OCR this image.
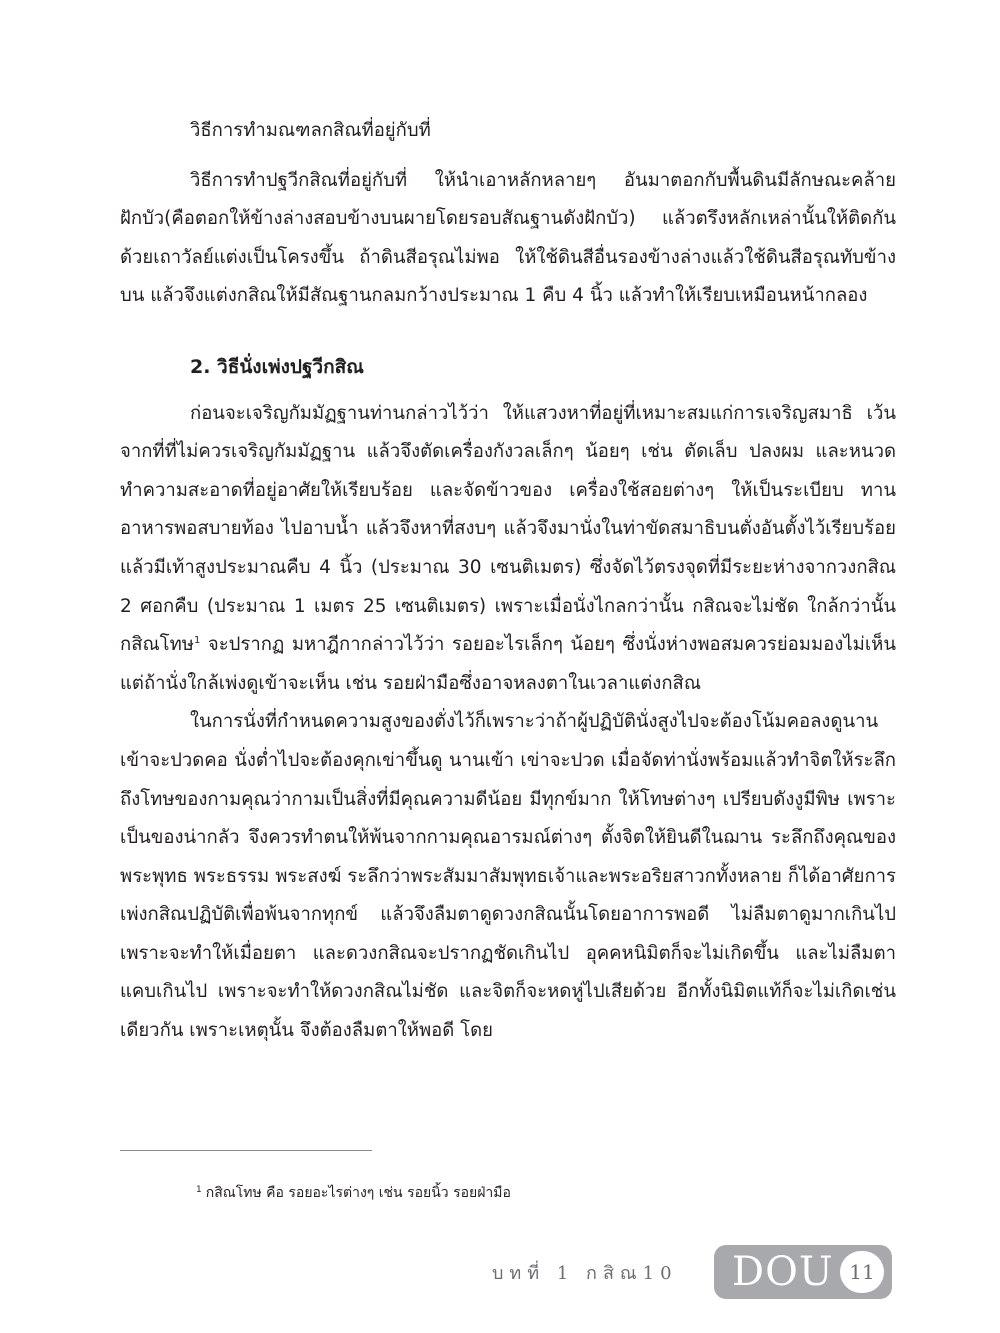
วิธีการทำมณฑลกสิณที่อยู่กับที่

วิธีการทำปฐวีกสิณที่อยู่กับที่ ให้นำเอาหลักหลายๆ อันมาตอกกับพื้นดินมีลักษณะคล้ายฝักบัว(คือตอกให้ข้างล่างสอบข้างบนผายโดยรอบสัณฐานดังฝักบัว) แล้วตรึงหลักเหล่านั้นให้ติดกันด้วยเถาวัลย์แต่งเป็นโครงขึ้น ถ้าดินสีอรุณไม่พอ ให้ใช้ดินสีอื่นรองข้างล่างแล้วใช้ดินสีอรุณทับข้างบน แล้วจึงแต่งกสิณให้มีสัณฐานกลมกว้างประมาณ 1 คืบ 4 นิ้ว แล้วทำให้เรียบเหมือนหน้ากลอง

2. วิธีนั่งเพ่งปฐวีกสิณ

ก่อนจะเจริญกัมมัฏฐานท่านกล่าวไว้ว่า ให้แสวงหาที่อยู่ที่เหมาะสมแก่การเจริญสมาธิ เว้นจากที่ที่ไม่ควรเจริญกัมมัฏฐาน แล้วจึงตัดเครื่องกังวลเล็กๆ น้อยๆ เช่น ตัดเล็บ ปลงผม และหนวด ทำความสะอาดที่อยู่อาศัยให้เรียบร้อย และจัดข้าวของ เครื่องใช้สอยต่างๆ ให้เป็นระเบียบ ทานอาหารพอสบายท้อง ไปอาบน้ำ แล้วจึงหาที่สงบๆ แล้วจึงมานั่งในท่าขัดสมาธิบนตั่งอันตั้งไว้เรียบร้อยแล้วมีเท้าสูงประมาณคืบ 4 นิ้ว (ประมาณ 30 เซนติเมตร) ซึ่งจัดไว้ตรงจุดที่มีระยะห่างจากวงกสิณ 2 ศอกคืบ (ประมาณ 1 เมตร 25 เซนติเมตร) เพราะเมื่อนั่งไกลกว่านั้น กสิณจะไม่ชัด ใกล้กว่านั้น กสิณโทษ$^1$ จะปรากฏ มหาฎีกากล่าวไว้ว่า รอยอะไรเล็กๆ น้อยๆ ซึ่งนั่งห่างพอสมควรย่อมมองไม่เห็น แต่ถ้านั่งใกล้เพ่งดูเข้าจะเห็น เช่น รอยฝ่ามือซึ่งอาจหลงตาในเวลาแต่งกสิณ

ในการนั่งที่กำหนดความสูงของตั่งไว้ก็เพราะว่าถ้าผู้ปฏิบัตินั่งสูงไปจะต้องโน้มคอลงดูนานเข้าจะปวดคอ นั่งต่ำไปจะต้องคุกเข่าขึ้นดู นานเข้า เข่าจะปวด เมื่อจัดท่านั่งพร้อมแล้วทำจิตให้ระลึกถึงโทษของกามคุณว่ากามเป็นสิ่งที่มีคุณความดีน้อย มีทุกข์มาก ให้โทษต่างๆ เปรียบดังงูมีพิษ เพราะเป็นของน่ากลัว จึงควรทำตนให้พ้นจากกามคุณอารมณ์ต่างๆ ตั้งจิตให้ยินดีในฌาน ระลึกถึงคุณของพระพุทธ พระธรรม พระสงฆ์ ระลึกว่าพระสัมมาสัมพุทธเจ้าและพระอริยสาวกทั้งหลาย ก็ได้อาศัยการเพ่งกสิณปฏิบัติเพื่อพ้นจากทุกข์ แล้วจึงลืมตาดูดวงกสิณนั้นโดยอาการพอดี ไม่ลืมตาดูมากเกินไป เพราะจะทำให้เมื่อยตา และดวงกสิณจะปรากฏชัดเกินไป อุคคหนิมิตก็จะไม่เกิดขึ้น และไม่ลืมตาแคบเกินไป เพราะจะทำให้ดวงกสิณไม่ชัด และจิตก็จะหดหู่ไปเสียด้วย อีกทั้งนิมิตแท้ก็จะไม่เกิดเช่นเดียวกัน เพราะเหตุนั้น จึงต้องลืมตาให้พอดี โดย

$^1$ กสิณโทษ คือ รอยอะไรต่างๆ เช่น รอยนิ้ว รอยฝ่ามือ
บทที่ 1 กสิณ10 DOU 11
